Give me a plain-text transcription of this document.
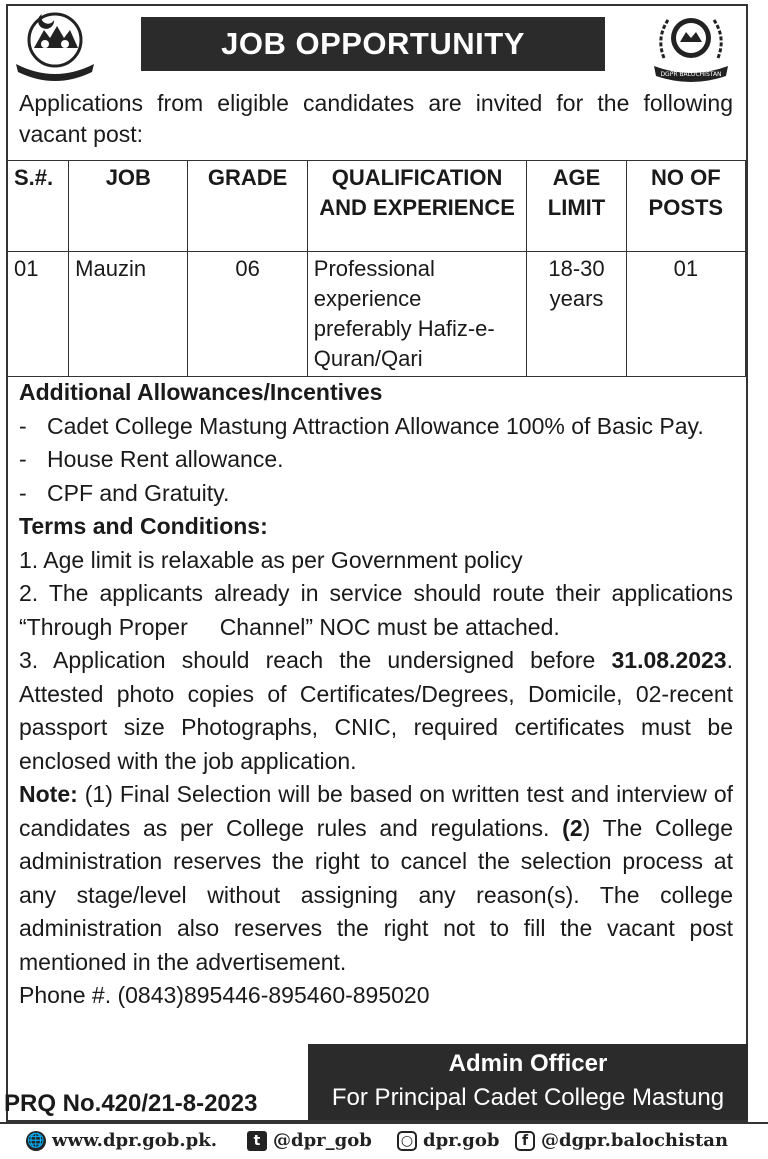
DGPR BALOCHISTAN
JOB OPPORTUNITY
Applications from eligible candidates are invited for the following vacant post:
S.#.	JOB	GRADE	QUALIFICATION AND EXPERIENCE	AGE LIMIT	NO OF POSTS
01	Mauzin	06	Professional experience preferably Hafiz-e-Quran/Qari	18-30 years	01
Additional Allowances/Incentives
- Cadet College Mastung Attraction Allowance 100% of Basic Pay.
- House Rent allowance.
- CPF and Gratuity.
Terms and Conditions:
1. Age limit is relaxable as per Government policy
2. The applicants already in service should route their applications “Through Proper     Channel” NOC must be attached.
3. Application should reach the undersigned before 31.08.2023. Attested photo copies of Certificates/Degrees, Domicile, 02-recent passport size Photographs, CNIC, required certificates must be enclosed with the job application.
Note: (1) Final Selection will be based on written test and interview of candidates as per College rules and regulations. (2) The College administration reserves the right to cancel the selection process at any stage/level without assigning any reason(s). The college administration also reserves the right not to fill the vacant post mentioned in the advertisement.
Phone #. (0843)895446-895460-895020
Admin Officer
For Principal Cadet College Mastung
PRQ No.420/21-8-2023
🌐 www.dpr.gob.pk.	t @dpr_gob ○ dpr.gob	f @dgpr.balochistan
